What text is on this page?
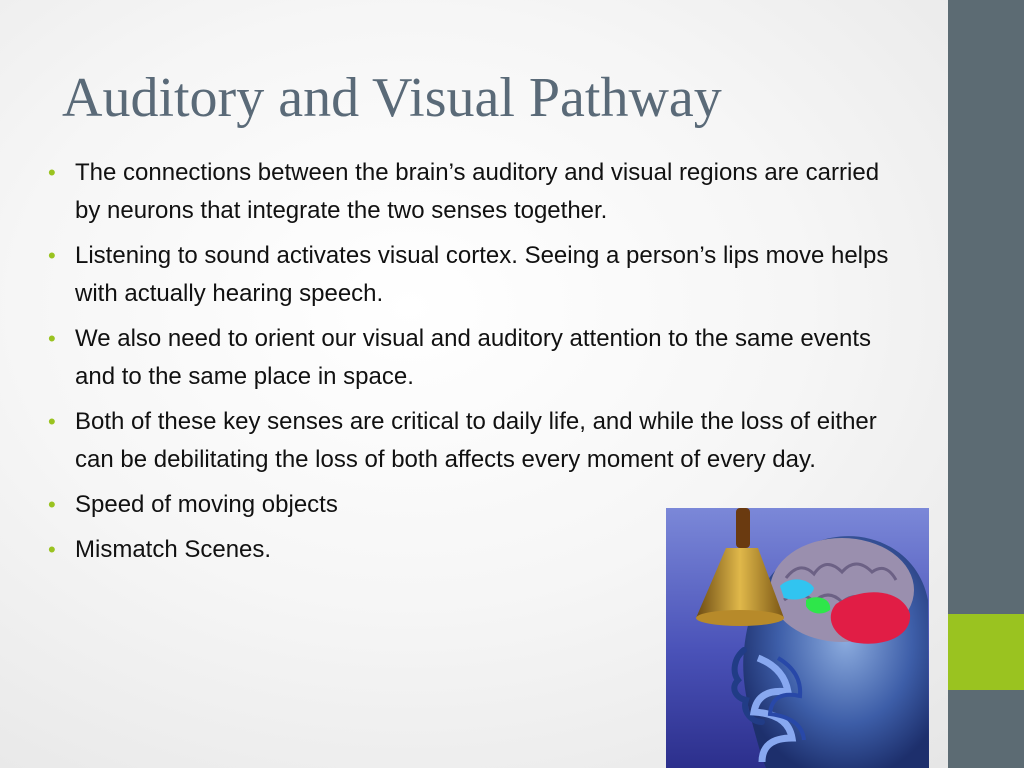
Auditory and Visual Pathway
• The connections between the brain’s auditory and visual regions are carried by neurons that integrate the two senses together.
• Listening to sound activates visual cortex. Seeing a person’s lips move helps with actually hearing speech.
• We also need to orient our visual and auditory attention to the same events and to the same place in space.
• Both of these key senses are critical to daily life, and while the loss of either can be debilitating the loss of both affects every moment of every day.
• Speed of moving objects
• Mismatch Scenes.
